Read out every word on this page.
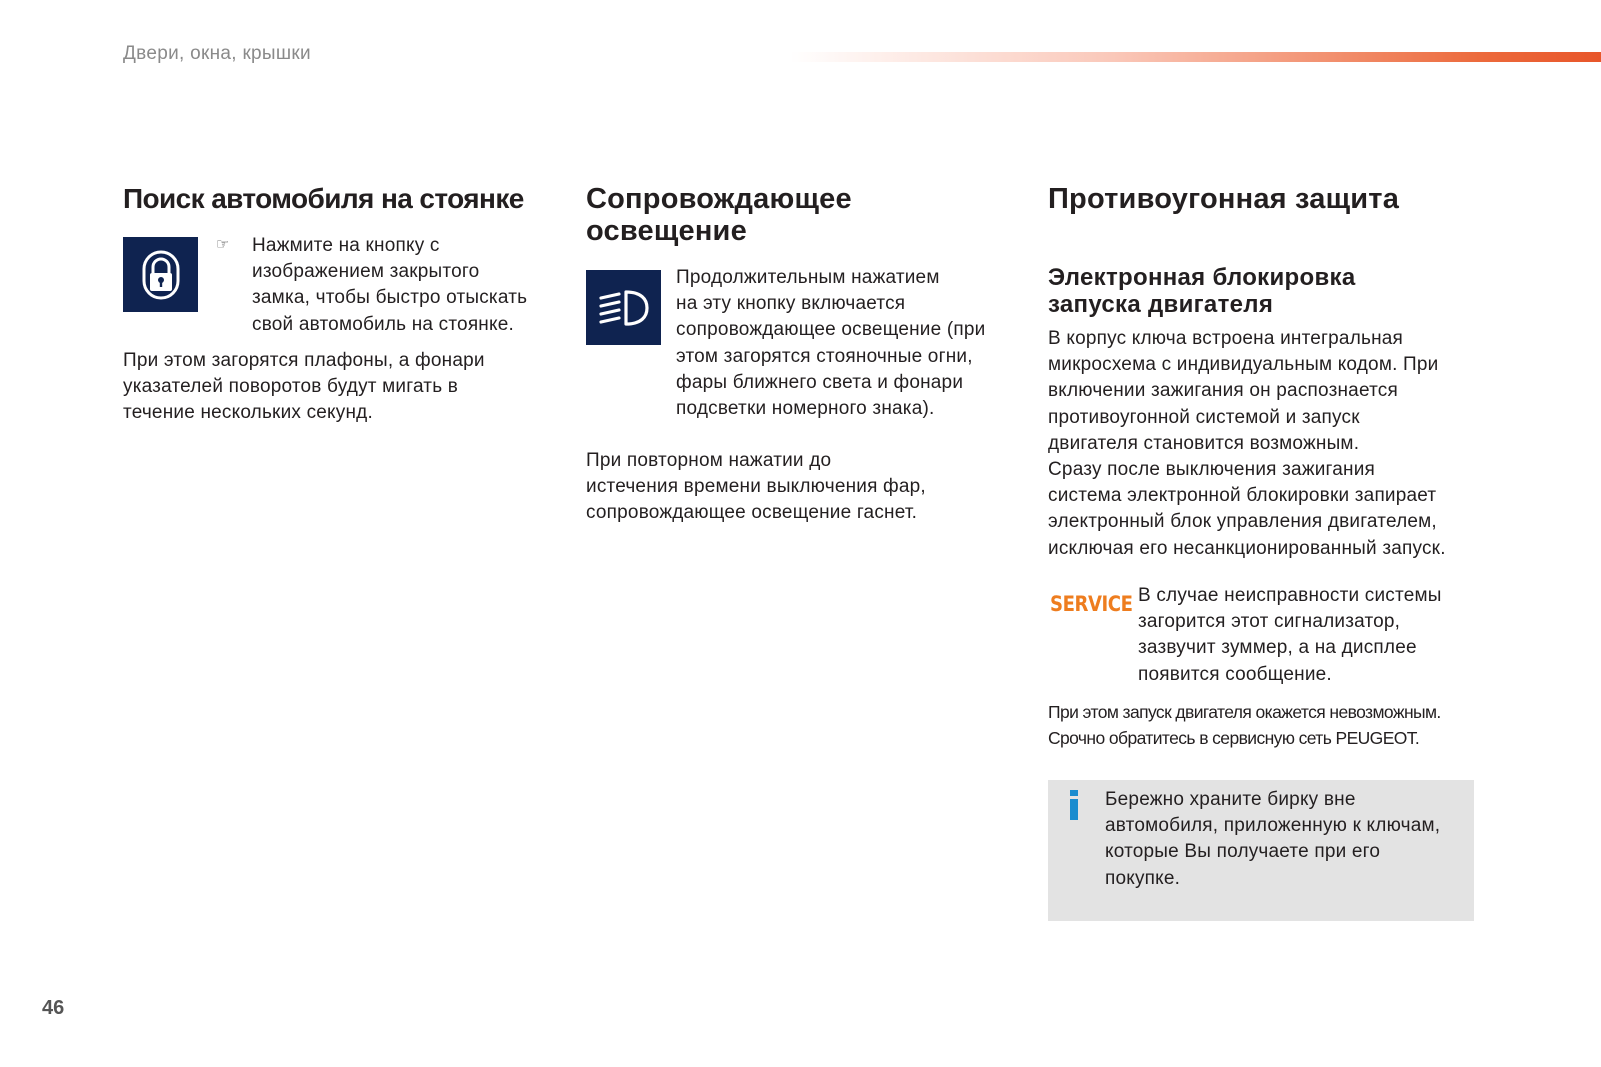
Двери, окна, крышки
Поиск автомобиля на стоянке
☞ Нажмите на кнопку с

изображением закрытого

замка, чтобы быстро отыскать

свой автомобиль на стоянке.

При этом загорятся плафоны, а фонари

указателей поворотов будут мигать в

течение нескольких секунд.

Сопровождающее
освещение

Продолжительным нажатием

на эту кнопку включается

сопровождающее освещение (при

этом загорятся стояночные огни,

фары ближнего света и фонари

подсветки номерного знака).

При повторном нажатии до

истечения времени выключения фар,

сопровождающее освещение гаснет.

Противоугонная защита
Электронная блокировка
запуска двигателя

В корпус ключа встроена интегральная

микросхема с индивидуальным кодом. При

включении зажигания он распознается

противоугонной системой и запуск

двигателя становится возможным.

Сразу после выключения зажигания

система электронной блокировки запирает

электронный блок управления двигателем,

исключая его несанкционированный запуск.

SERVICE В случае неисправности системы

загорится этот сигнализатор,

зазвучит зуммер, а на дисплее

появится сообщение.

При этом запуск двигателя окажется невозможным.

Срочно обратитесь в сервисную сеть PEUGEOT.

Бережно храните бирку вне

автомобиля, приложенную к ключам,

которые Вы получаете при его

покупке.

46
